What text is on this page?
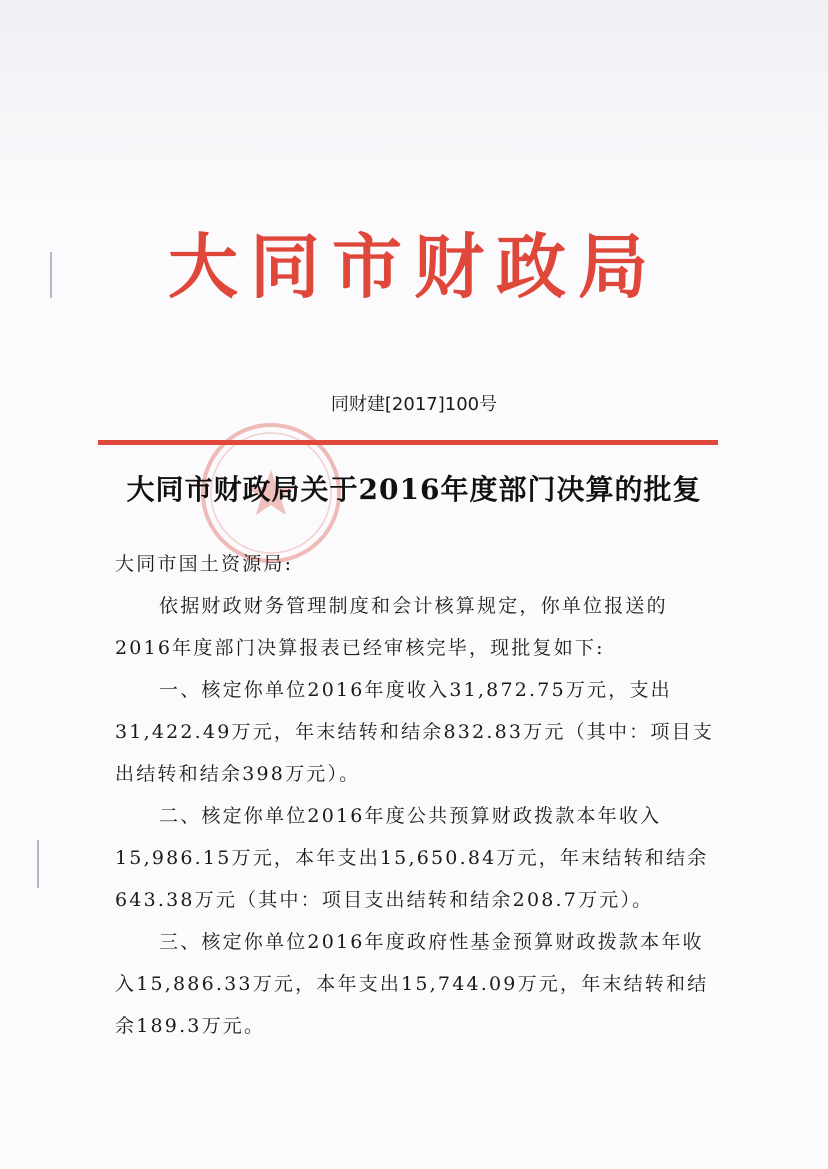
大同市财政局
同财建[2017]100号
大同市财政局关于2016年度部门决算的批复

大同市国土资源局:

依据财政财务管理制度和会计核算规定，你单位报送的2016年度部门决算报表已经审核完毕，现批复如下:

一、核定你单位2016年度收入31,872.75万元，支出31,422.49万元，年末结转和结余832.83万元（其中：项目支出结转和结余398万元）。

二、核定你单位2016年度公共预算财政拨款本年收入15,986.15万元，本年支出15,650.84万元，年末结转和结余643.38万元（其中：项目支出结转和结余208.7万元）。

三、核定你单位2016年度政府性基金预算财政拨款本年收入15,886.33万元，本年支出15,744.09万元，年末结转和结余189.3万元。
